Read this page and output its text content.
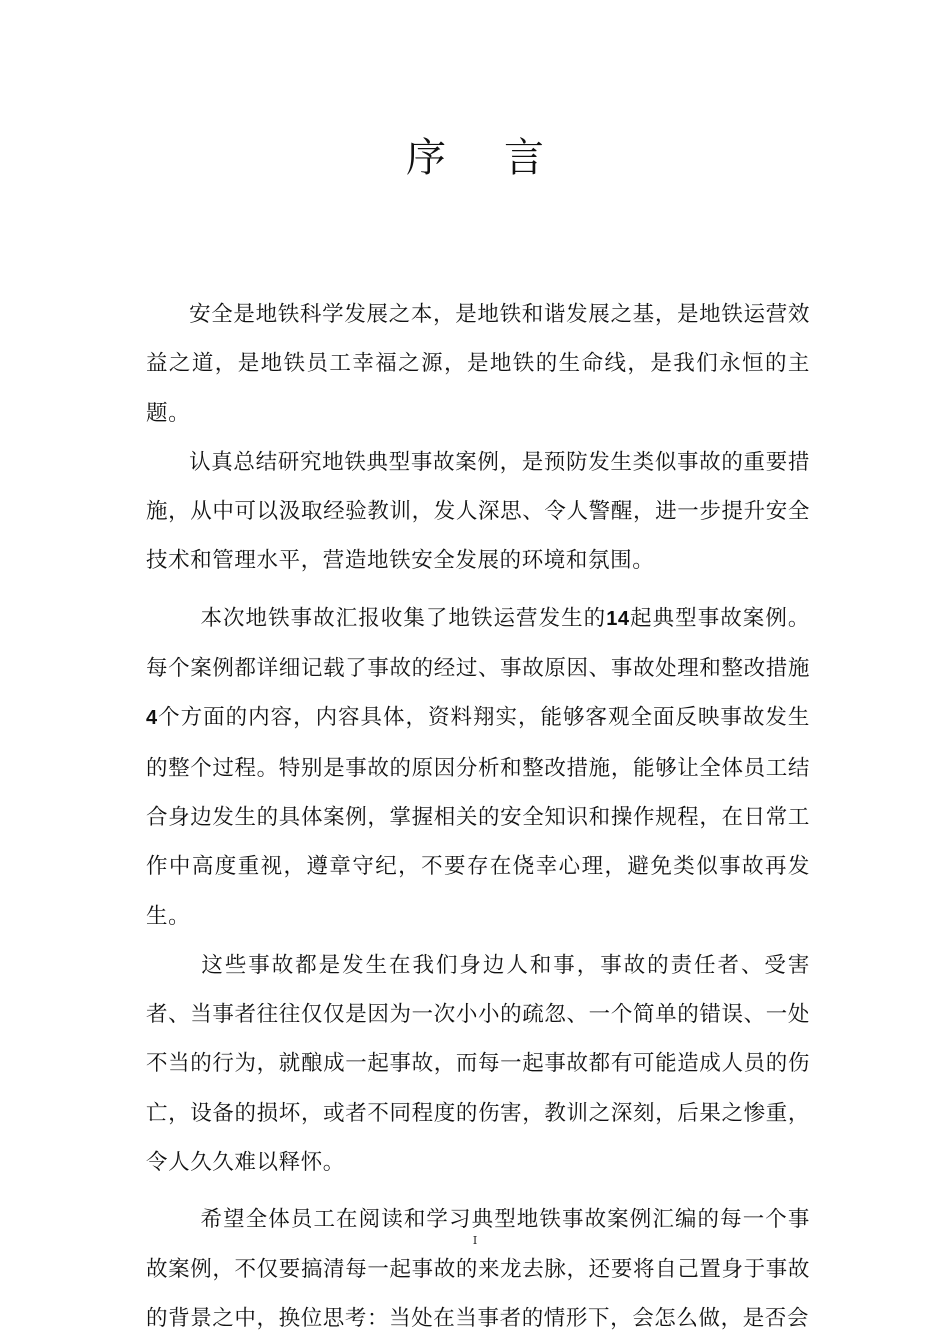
序 言

安全是地铁科学发展之本，是地铁和谐发展之基，是地铁运营效益之道，是地铁员工幸福之源，是地铁的生命线，是我们永恒的主题。

认真总结研究地铁典型事故案例，是预防发生类似事故的重要措施，从中可以汲取经验教训，发人深思、令人警醒，进一步提升安全技术和管理水平，营造地铁安全发展的环境和氛围。

本次地铁事故汇报收集了地铁运营发生的14起典型事故案例。每个案例都详细记载了事故的经过、事故原因、事故处理和整改措施4个方面的内容，内容具体，资料翔实，能够客观全面反映事故发生的整个过程。特别是事故的原因分析和整改措施，能够让全体员工结合身边发生的具体案例，掌握相关的安全知识和操作规程，在日常工作中高度重视，遵章守纪，不要存在侥幸心理，避免类似事故再发生。

这些事故都是发生在我们身边人和事，事故的责任者、受害者、当事者往往仅仅是因为一次小小的疏忽、一个简单的错误、一处不当的行为，就酿成一起事故，而每一起事故都有可能造成人员的伤亡，设备的损坏，或者不同程度的伤害，教训之深刻，后果之惨重，令人久久难以释怀。

希望全体员工在阅读和学习典型地铁事故案例汇编的每一个事故案例，不仅要搞清每一起事故的来龙去脉，还要将自己置身于事故的背景之中，换位思考：当处在当事者的情形下，会怎么做，是否会

I
